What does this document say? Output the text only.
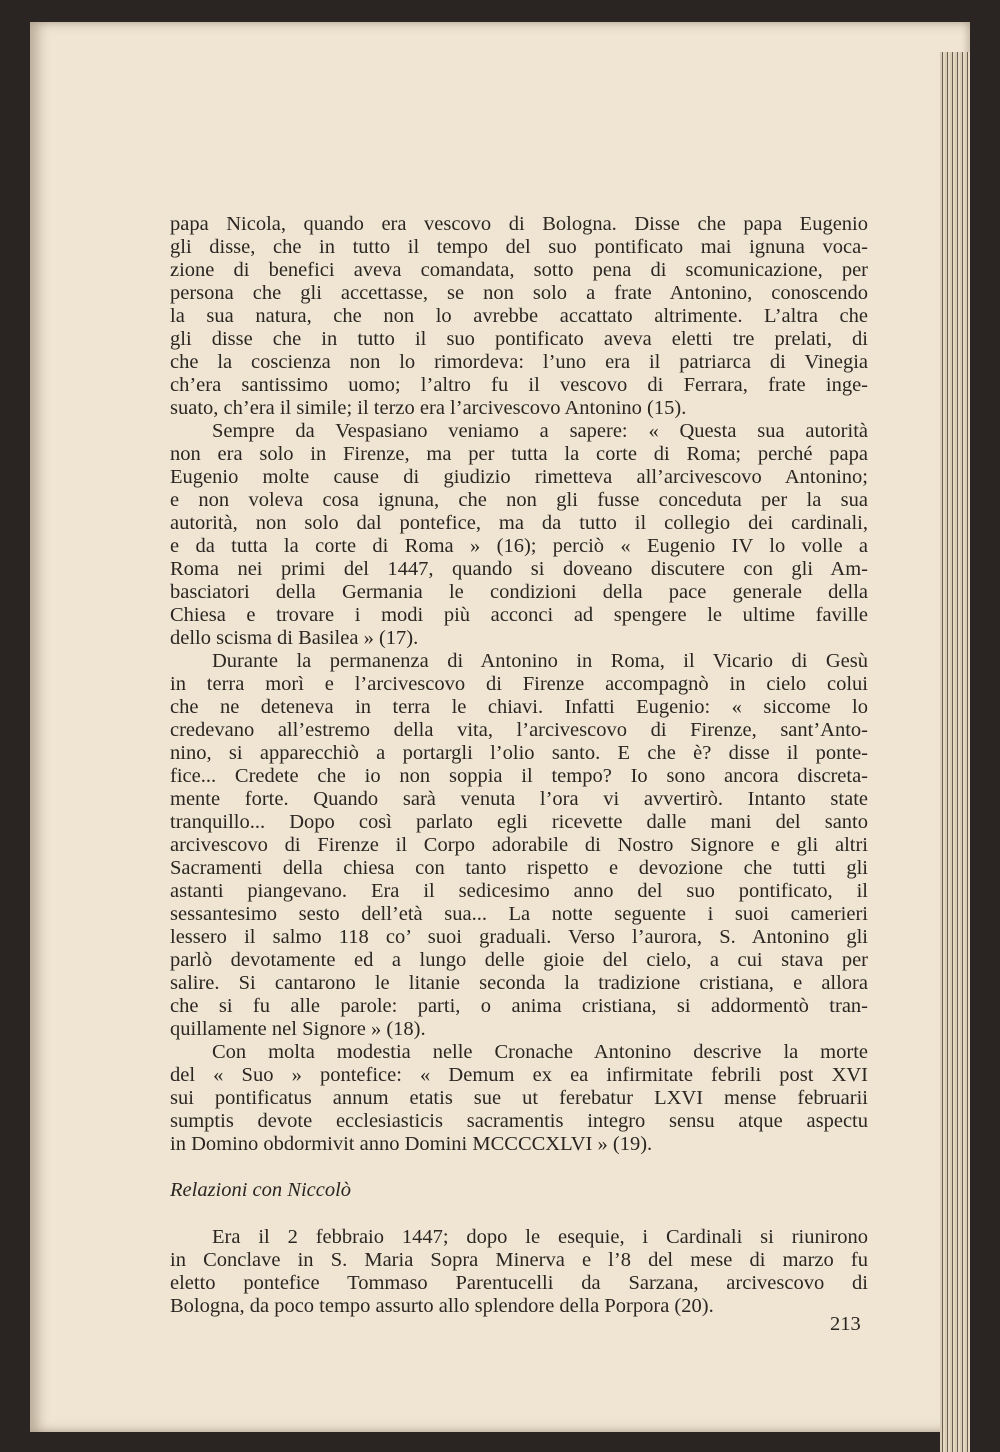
papa Nicola, quando era vescovo di Bologna. Disse che papa Eugenio
gli disse, che in tutto il tempo del suo pontificato mai ignuna voca-
zione di benefici aveva comandata, sotto pena di scomunicazione, per
persona che gli accettasse, se non solo a frate Antonino, conoscendo
la sua natura, che non lo avrebbe accattato altrimente. L’altra che
gli disse che in tutto il suo pontificato aveva eletti tre prelati, di
che la coscienza non lo rimordeva: l’uno era il patriarca di Vinegia
ch’era santissimo uomo; l’altro fu il vescovo di Ferrara, frate inge-
suato, ch’era il simile; il terzo era l’arcivescovo Antonino (15).
Sempre da Vespasiano veniamo a sapere: « Questa sua autorità
non era solo in Firenze, ma per tutta la corte di Roma; perché papa
Eugenio molte cause di giudizio rimetteva all’arcivescovo Antonino;
e non voleva cosa ignuna, che non gli fusse conceduta per la sua
autorità, non solo dal pontefice, ma da tutto il collegio dei cardinali,
e da tutta la corte di Roma » (16); perciò « Eugenio IV lo volle a
Roma nei primi del 1447, quando si doveano discutere con gli Am-
basciatori della Germania le condizioni della pace generale della
Chiesa e trovare i modi più acconci ad spengere le ultime faville
dello scisma di Basilea » (17).
Durante la permanenza di Antonino in Roma, il Vicario di Gesù
in terra morì e l’arcivescovo di Firenze accompagnò in cielo colui
che ne deteneva in terra le chiavi. Infatti Eugenio: « siccome lo
credevano all’estremo della vita, l’arcivescovo di Firenze, sant’Anto-
nino, si apparecchiò a portargli l’olio santo. E che è? disse il ponte-
fice... Credete che io non soppia il tempo? Io sono ancora discreta-
mente forte. Quando sarà venuta l’ora vi avvertirò. Intanto state
tranquillo... Dopo così parlato egli ricevette dalle mani del santo
arcivescovo di Firenze il Corpo adorabile di Nostro Signore e gli altri
Sacramenti della chiesa con tanto rispetto e devozione che tutti gli
astanti piangevano. Era il sedicesimo anno del suo pontificato, il
sessantesimo sesto dell’età sua... La notte seguente i suoi camerieri
lessero il salmo 118 co’ suoi graduali. Verso l’aurora, S. Antonino gli
parlò devotamente ed a lungo delle gioie del cielo, a cui stava per
salire. Si cantarono le litanie seconda la tradizione cristiana, e allora
che si fu alle parole: parti, o anima cristiana, si addormentò tran-
quillamente nel Signore » (18).
Con molta modestia nelle Cronache Antonino descrive la morte
del « Suo » pontefice: « Demum ex ea infirmitate febrili post XVI
sui pontificatus annum etatis sue ut ferebatur LXVI mense februarii
sumptis devote ecclesiasticis sacramentis integro sensu atque aspectu
in Domino obdormivit anno Domini MCCCCXLVI » (19).
Relazioni con Niccolò
Era il 2 febbraio 1447; dopo le esequie, i Cardinali si riunirono
in Conclave in S. Maria Sopra Minerva e l’8 del mese di marzo fu
eletto pontefice Tommaso Parentucelli da Sarzana, arcivescovo di
Bologna, da poco tempo assurto allo splendore della Porpora (20).
213
